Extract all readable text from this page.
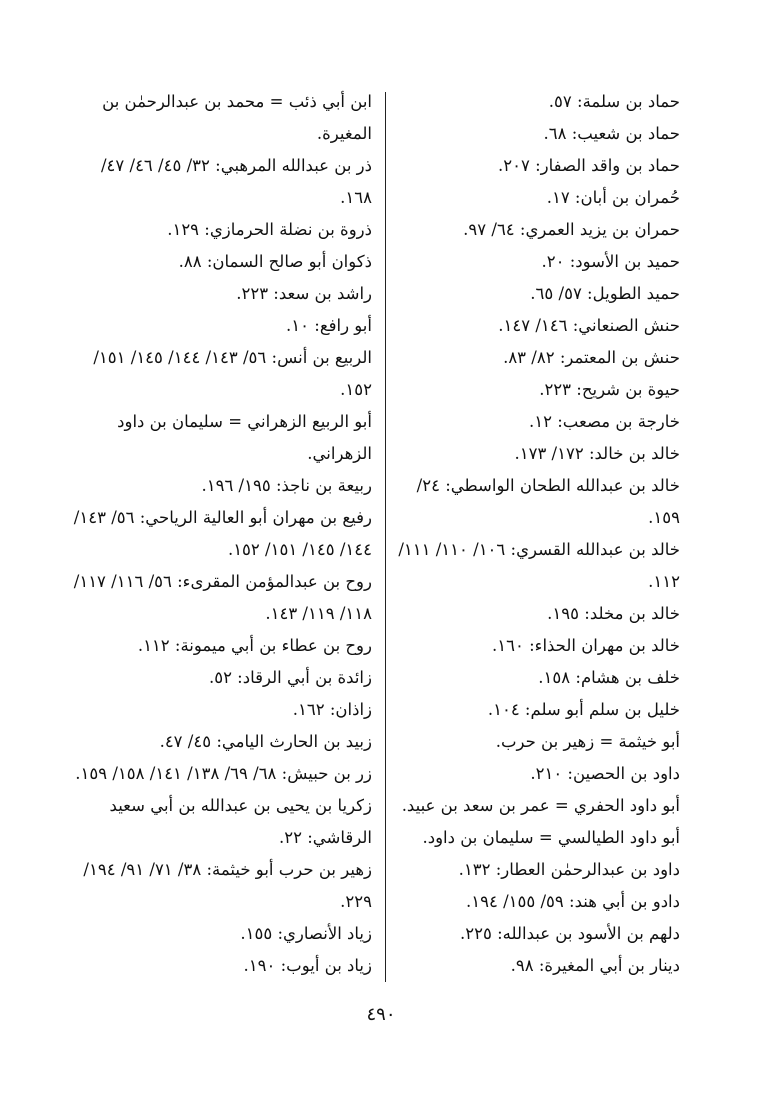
حماد بن سلمة: ٥٧.

حماد بن شعيب: ٦٨.

حماد بن واقد الصفار: ٢٠٧.

حُمران بن أبان: ١٧.

حمران بن يزيد العمري: ٦٤/ ٩٧.

حميد بن الأسود: ٢٠.

حميد الطويل: ٥٧/ ٦٥.

حنش الصنعاني: ١٤٦/ ١٤٧.

حنش بن المعتمر: ٨٢/ ٨٣.

حيوة بن شريح: ٢٢٣.

خارجة بن مصعب: ١٢.

خالد بن خالد: ١٧٢/ ١٧٣.

خالد بن عبدالله الطحان الواسطي: ٢٤/ ١٥٩.

خالد بن عبدالله القسري: ١٠٦/ ١١٠/ ١١١/ ١١٢.

خالد بن مخلد: ١٩٥.

خالد بن مهران الحذاء: ١٦٠.

خلف بن هشام: ١٥٨.

خليل بن سلم أبو سلم: ١٠٤.

أبو خيثمة = زهير بن حرب.

داود بن الحصين: ٢١٠.

أبو داود الحفري = عمر بن سعد بن عبيد.

أبو داود الطيالسي = سليمان بن داود.

داود بن عبدالرحمٰن العطار: ١٣٢.

دادو بن أبي هند: ٥٩/ ١٥٥/ ١٩٤.

دلهم بن الأسود بن عبدالله: ٢٢٥.

دينار بن أبي المغيرة: ٩٨.

ابن أبي ذئب = محمد بن عبدالرحمٰن بن المغيرة.

ذر بن عبدالله المرهبي: ٣٢/ ٤٥/ ٤٦/ ٤٧/ ١٦٨.

ذروة بن نضلة الحرمازي: ١٢٩.

ذكوان أبو صالح السمان: ٨٨.

راشد بن سعد: ٢٢٣.

أبو رافع: ١٠.

الربيع بن أنس: ٥٦/ ١٤٣/ ١٤٤/ ١٤٥/ ١٥١/ ١٥٢.

أبو الربيع الزهراني = سليمان بن داود الزهراني.

ربيعة بن ناجذ: ١٩٥/ ١٩٦.

رفيع بن مهران أبو العالية الرياحي: ٥٦/ ١٤٣/ ١٤٤/ ١٤٥/ ١٥١/ ١٥٢.

روح بن عبدالمؤمن المقرىء: ٥٦/ ١١٦/ ١١٧/ ١١٨/ ١١٩/ ١٤٣.

روح بن عطاء بن أبي ميمونة: ١١٢.

زائدة بن أبي الرقاد: ٥٢.

زاذان: ١٦٢.

زبيد بن الحارث اليامي: ٤٥/ ٤٧.

زر بن حبيش: ٦٨/ ٦٩/ ١٣٨/ ١٤١/ ١٥٨/ ١٥٩.

زكريا بن يحيى بن عبدالله بن أبي سعيد الرقاشي: ٢٢.

زهير بن حرب أبو خيثمة: ٣٨/ ٧١/ ٩١/ ١٩٤/ ٢٢٩.

زياد الأنصاري: ١٥٥.

زياد بن أيوب: ١٩٠.

٤٩٠
